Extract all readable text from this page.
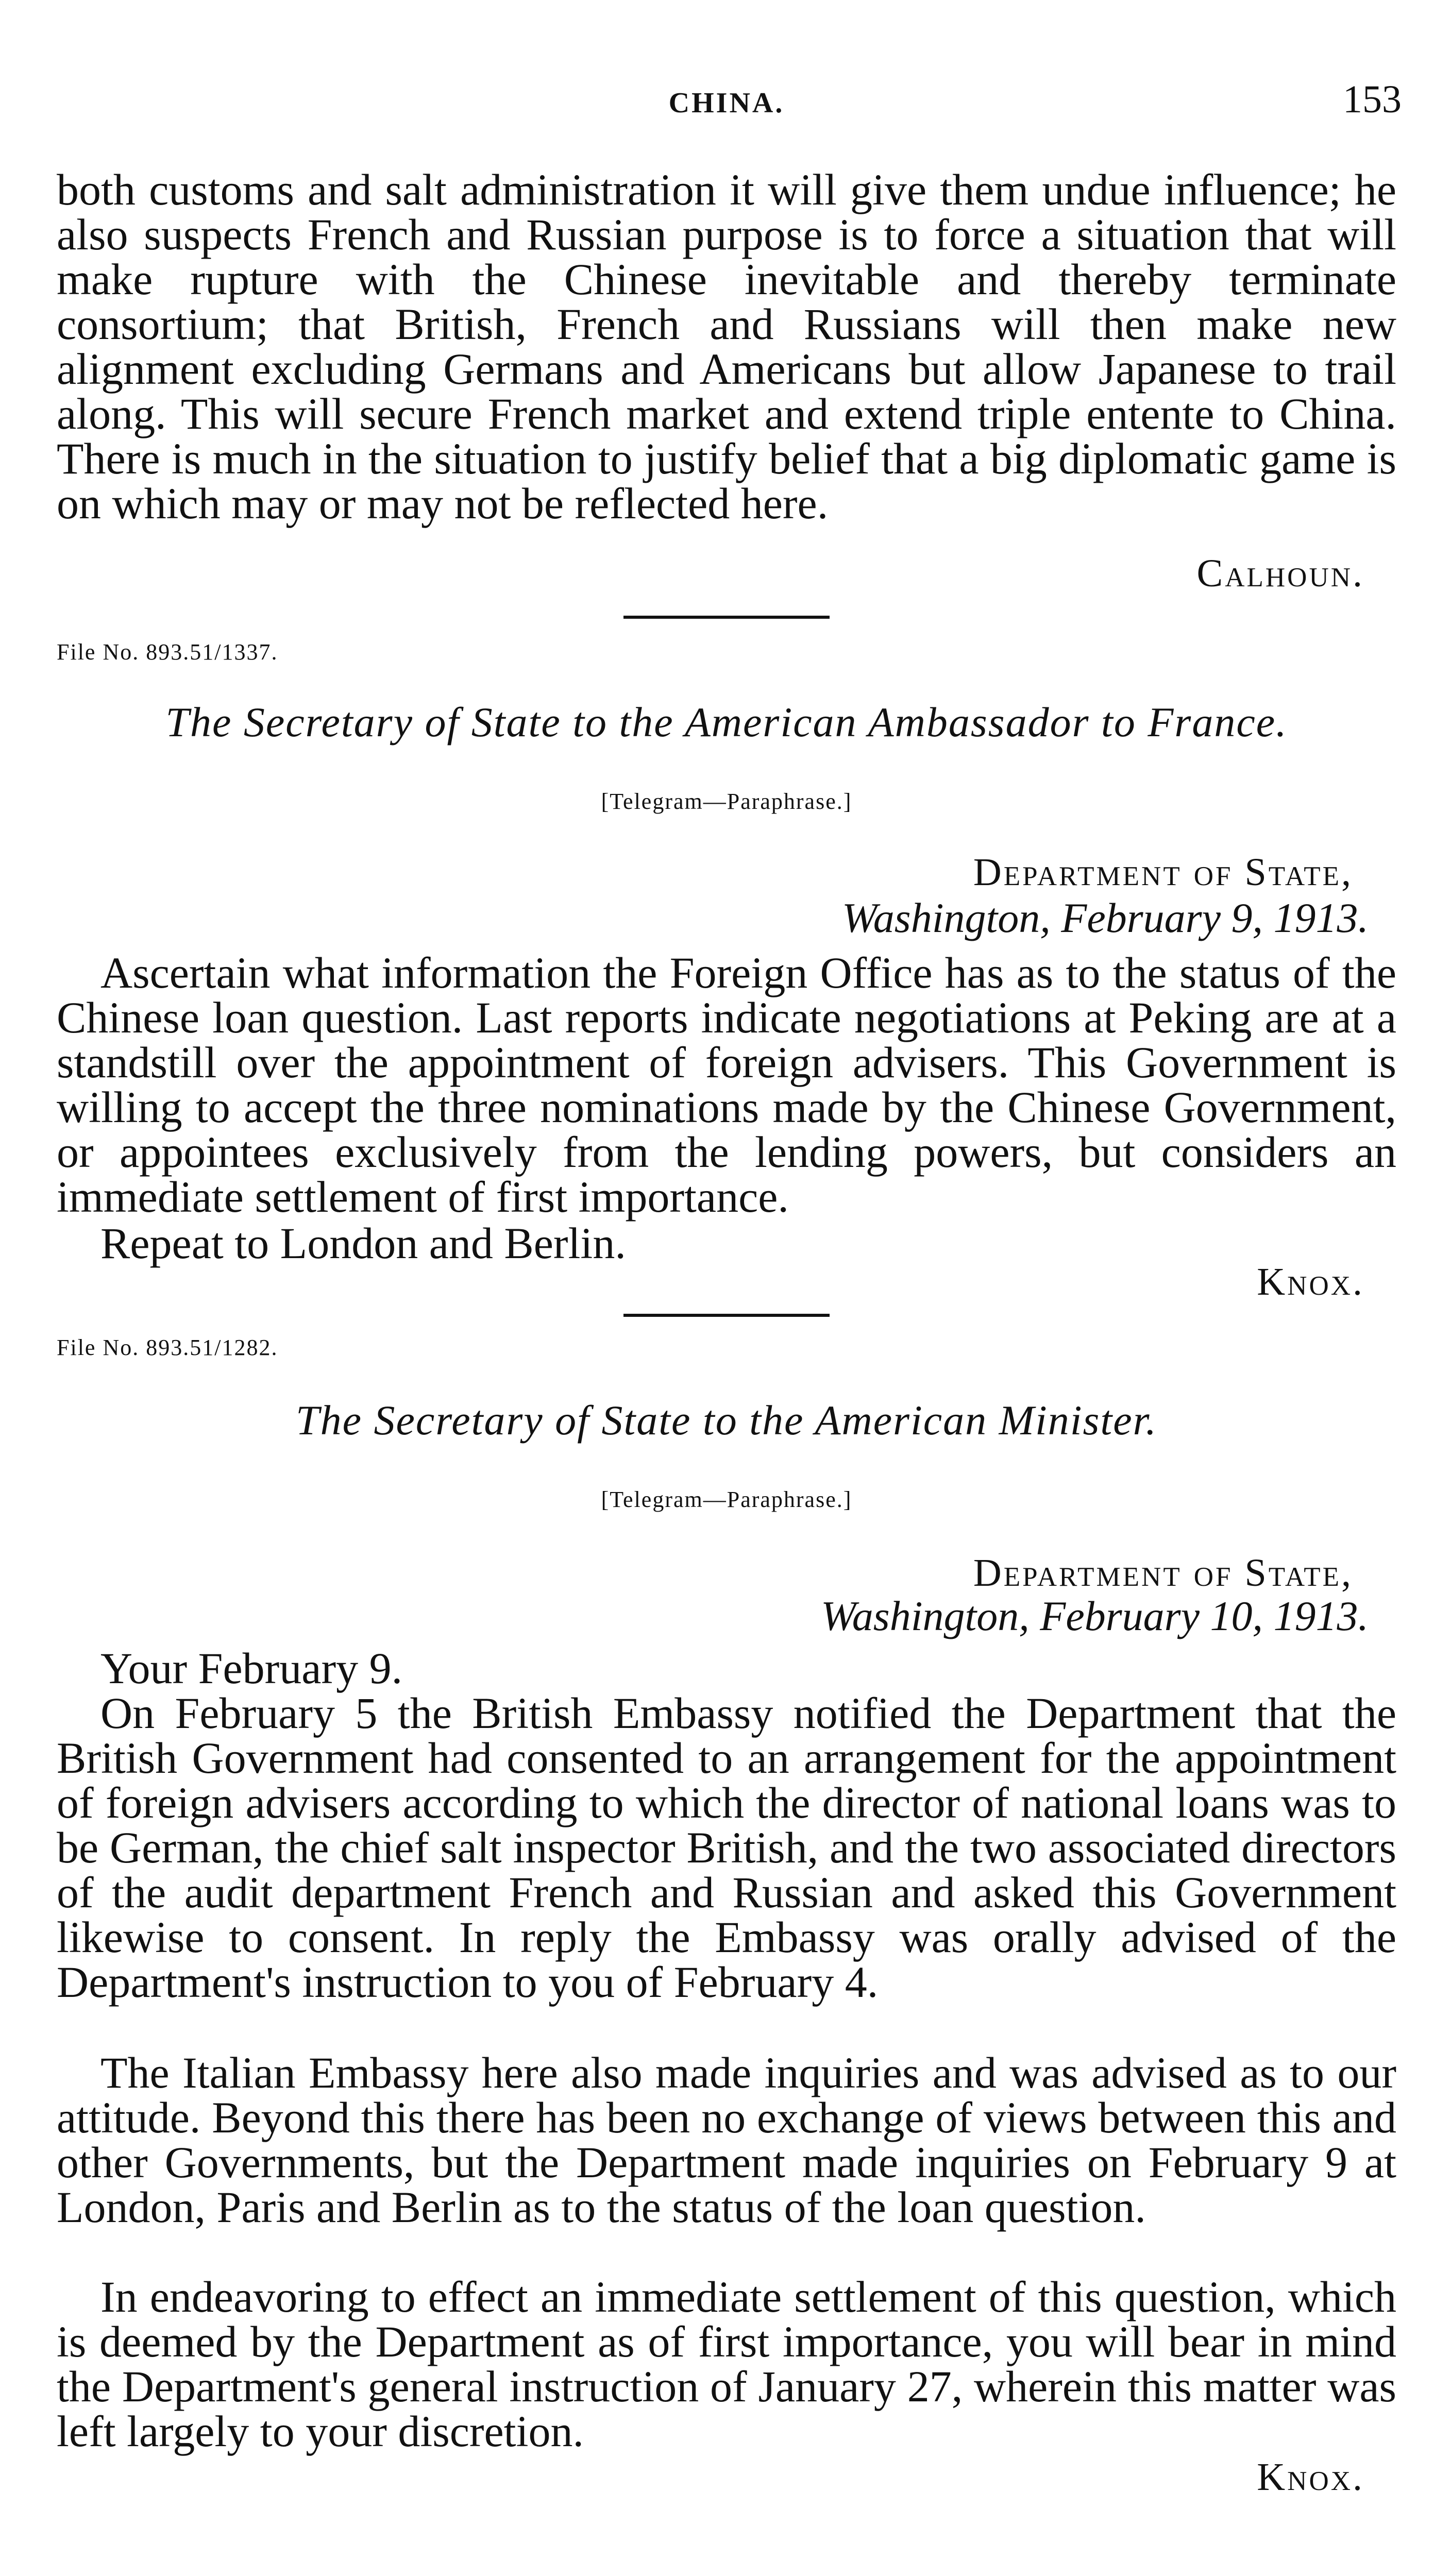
CHINA.	153

both customs and salt administration it will give them undue influence; he also suspects French and Russian purpose is to force a situation that will make rupture with the Chinese inevitable and thereby terminate consortium; that British, French and Russians will then make new alignment excluding Germans and Americans but allow Japanese to trail along. This will secure French market and extend triple entente to China. There is much in the situation to justify belief that a big diplomatic game is on which may or may not be reflected here.

Calhoun.
File No. 893.51/1337.
The Secretary of State to the American Ambassador to France.
[Telegram—Paraphrase.]
Department of State,
Washington, February 9, 1913.

Ascertain what information the Foreign Office has as to the status of the Chinese loan question. Last reports indicate negotiations at Peking are at a standstill over the appointment of foreign advisers. This Government is willing to accept the three nominations made by the Chinese Government, or appointees exclusively from the lending powers, but considers an immediate settlement of first importance.

Repeat to London and Berlin.

Knox.
File No. 893.51/1282.
The Secretary of State to the American Minister.
[Telegram—Paraphrase.]
Department of State,
Washington, February 10, 1913.

Your February 9.

On February 5 the British Embassy notified the Department that the British Government had consented to an arrangement for the appointment of foreign advisers according to which the director of national loans was to be German, the chief salt inspector British, and the two associated directors of the audit department French and Russian and asked this Government likewise to consent. In reply the Embassy was orally advised of the Department's instruction to you of February 4.

The Italian Embassy here also made inquiries and was advised as to our attitude. Beyond this there has been no exchange of views between this and other Governments, but the Department made inquiries on February 9 at London, Paris and Berlin as to the status of the loan question.

In endeavoring to effect an immediate settlement of this question, which is deemed by the Department as of first importance, you will bear in mind the Department's general instruction of January 27, wherein this matter was left largely to your discretion.

Knox.
